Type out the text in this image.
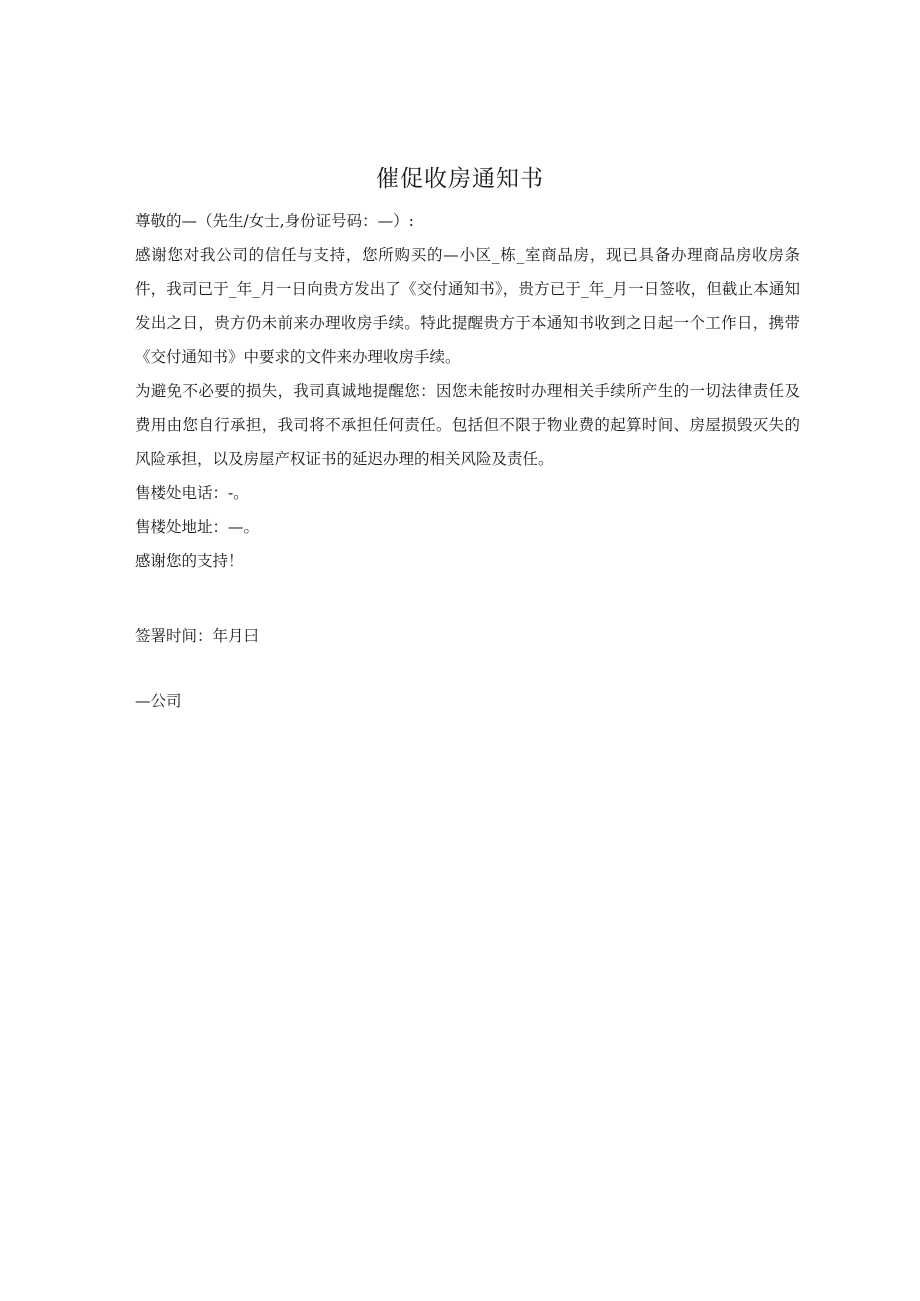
催促收房通知书

尊敬的—（先生/女士,身份证号码：—）:

感谢您对我公司的信任与支持，您所购买的—小区_栋_室商品房，现已具备办理商品房收房条件，我司已于_年_月一日向贵方发出了《交付通知书》，贵方已于_年_月一日签收，但截止本通知发出之日，贵方仍未前来办理收房手续。特此提醒贵方于本通知书收到之日起一个工作日，携带《交付通知书》中要求的文件来办理收房手续。

为避免不必要的损失，我司真诚地提醒您：因您未能按时办理相关手续所产生的一切法律责任及费用由您自行承担，我司将不承担任何责任。包括但不限于物业费的起算时间、房屋损毁灭失的风险承担，以及房屋产权证书的延迟办理的相关风险及责任。

售楼处电话：-。

售楼处地址：—。

感谢您的支持！

签署时间：年月曰
—公司
